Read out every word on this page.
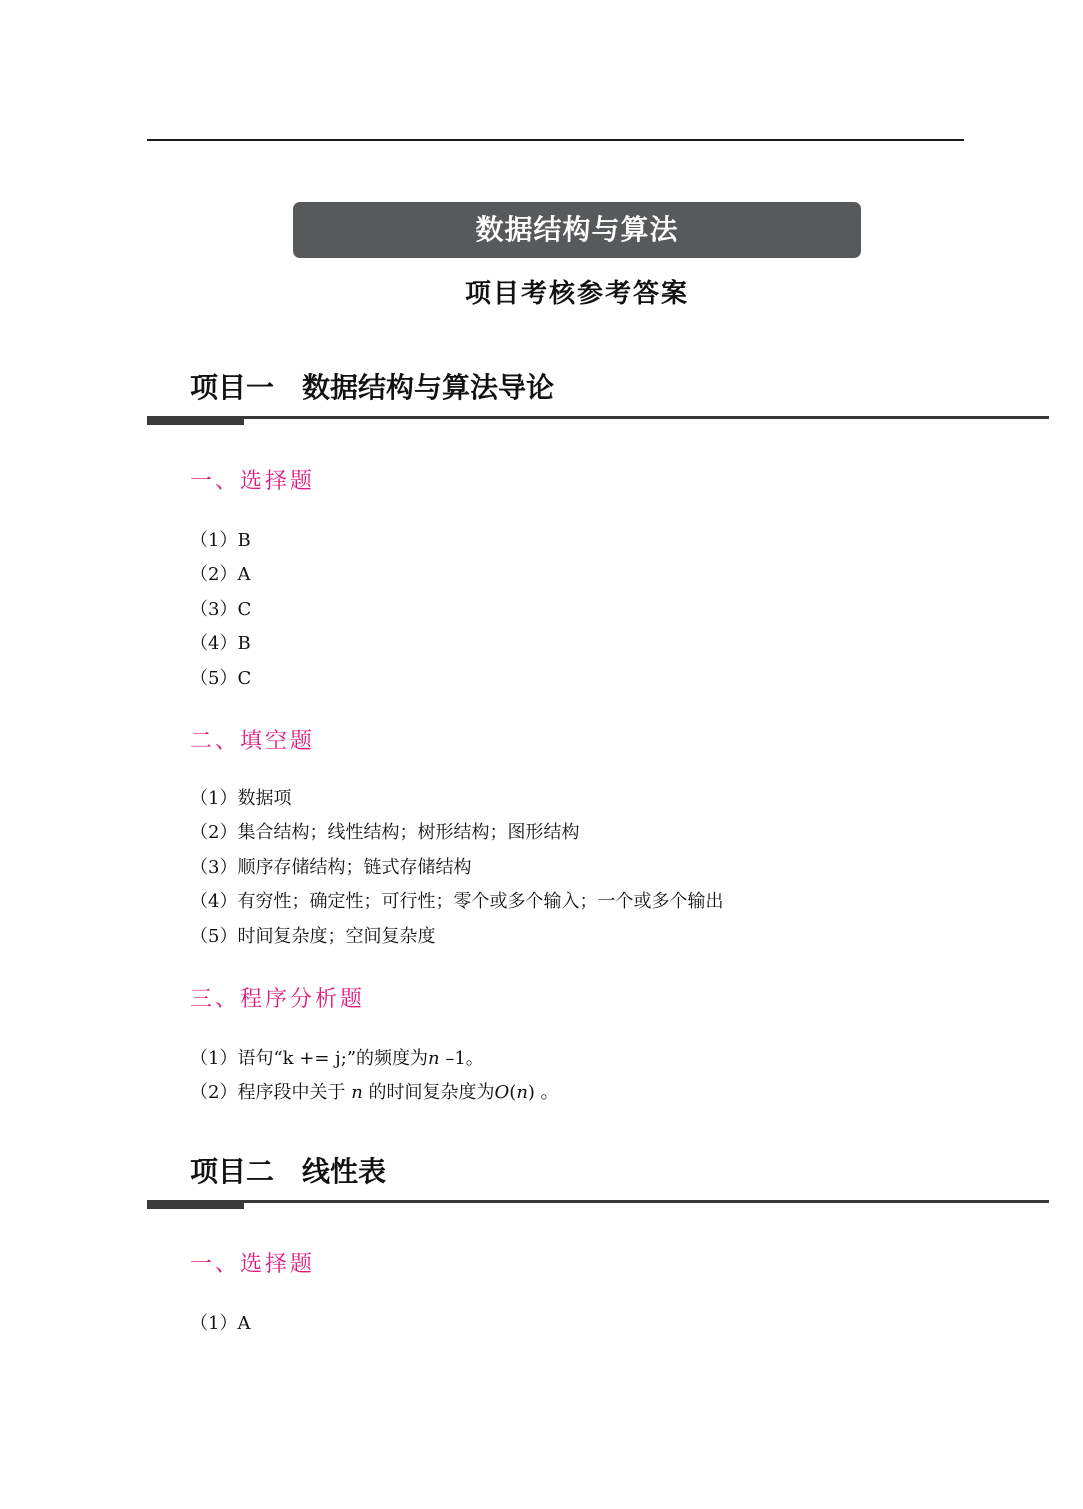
数据结构与算法
项目考核参考答案
项目一　数据结构与算法导论
一、选择题
（1）B
（2）A
（3）C
（4）B
（5）C
二、填空题
（1）数据项
（2）集合结构；线性结构；树形结构；图形结构
（3）顺序存储结构；链式存储结构
（4）有穷性；确定性；可行性；零个或多个输入；一个或多个输出
（5）时间复杂度；空间复杂度
三、程序分析题
（1）语句“k += j;”的频度为n –1。
（2）程序段中关于 n 的时间复杂度为O(n) 。
项目二　线性表
一、选择题
（1）A
